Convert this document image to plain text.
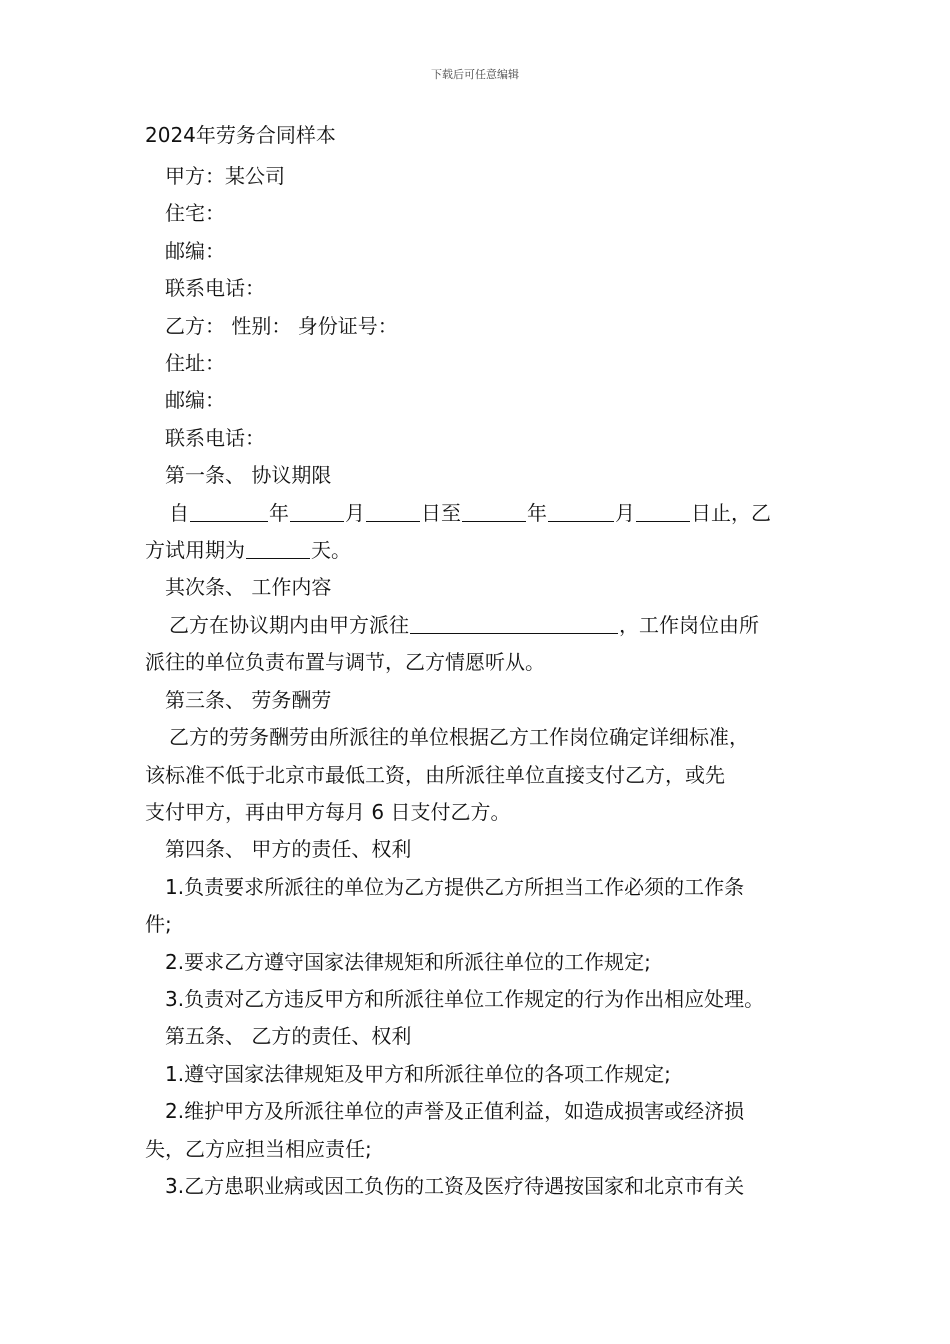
下载后可任意编辑
2024年劳务合同样本
甲方：某公司
住宅：
邮编：
联系电话：
乙方： 性别： 身份证号：
住址：
邮编：
联系电话：
第一条、 协议期限
自	年	月	日至	年	月	日止，乙
方试用期为	天。
其次条、 工作内容
乙方在协议期内由甲方派往	，工作岗位由所
派往的单位负责布置与调节，乙方情愿听从。
第三条、 劳务酬劳
乙方的劳务酬劳由所派往的单位根据乙方工作岗位确定详细标准，
该标准不低于北京市最低工资，由所派往单位直接支付乙方，或先
支付甲方，再由甲方每月 6 日支付乙方。
第四条、 甲方的责任、权利
1.负责要求所派往的单位为乙方提供乙方所担当工作必须的工作条
件;
2.要求乙方遵守国家法律规矩和所派往单位的工作规定;
3.负责对乙方违反甲方和所派往单位工作规定的行为作出相应处理。
第五条、 乙方的责任、权利
1.遵守国家法律规矩及甲方和所派往单位的各项工作规定;
2.维护甲方及所派往单位的声誉及正值利益，如造成损害或经济损
失，乙方应担当相应责任;
3.乙方患职业病或因工负伤的工资及医疗待遇按国家和北京市有关
